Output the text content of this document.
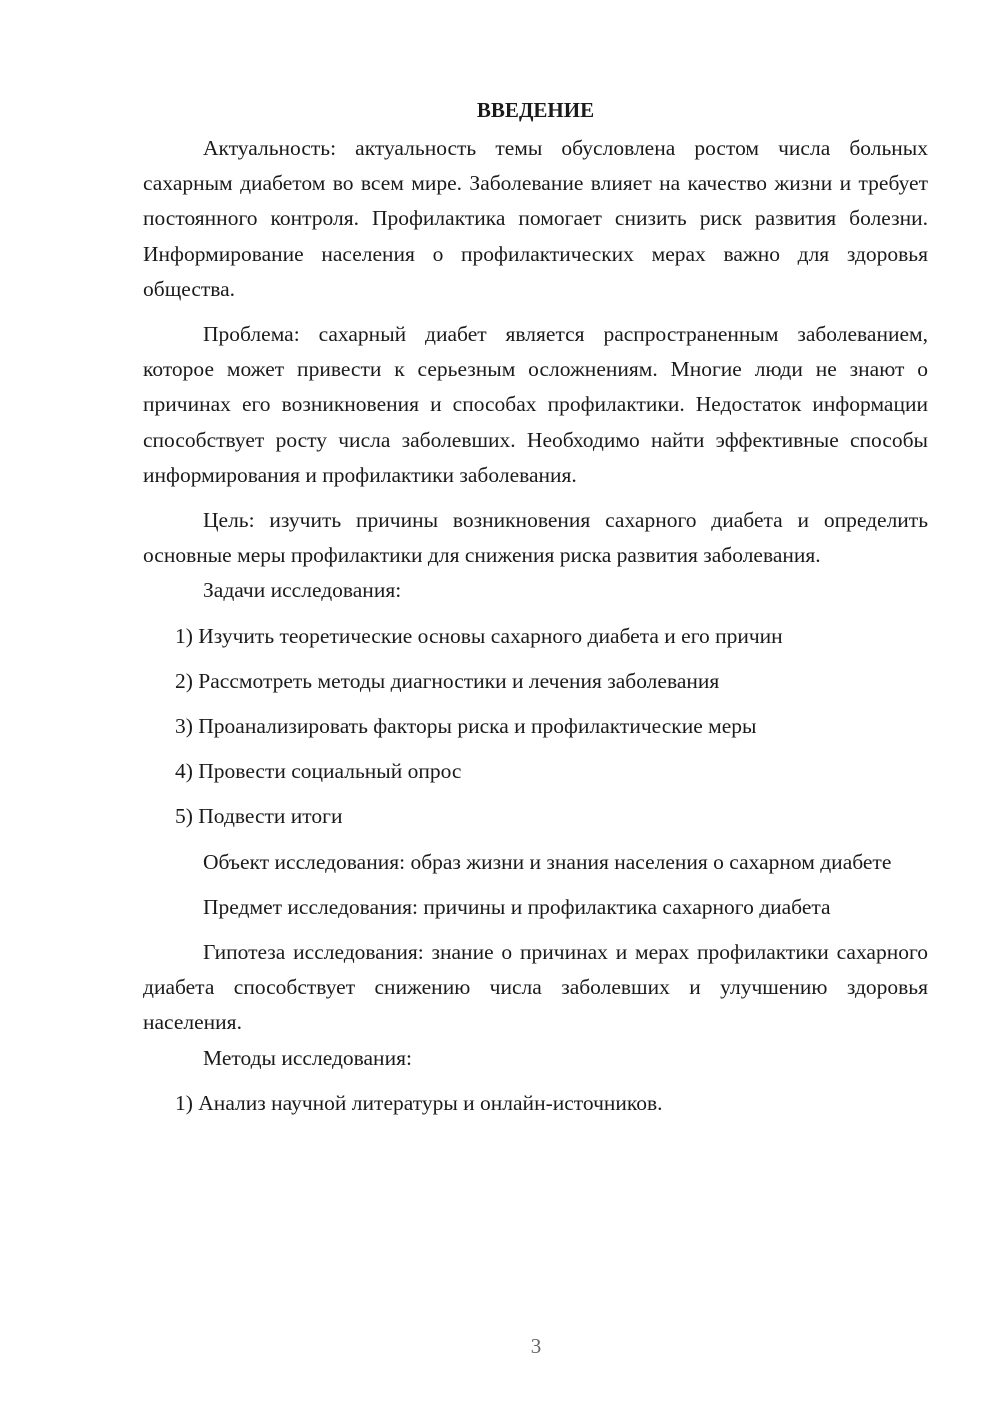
ВВЕДЕНИЕ

Актуальность: актуальность темы обусловлена ростом числа больных сахарным диабетом во всем мире. Заболевание влияет на качество жизни и требует постоянного контроля. Профилактика помогает снизить риск развития болезни. Информирование населения о профилактических мерах важно для здоровья общества.

Проблема: сахарный диабет является распространенным заболеванием, которое может привести к серьезным осложнениям. Многие люди не знают о причинах его возникновения и способах профилактики. Недостаток информации способствует росту числа заболевших. Необходимо найти эффективные способы информирования и профилактики заболевания.

Цель: изучить причины возникновения сахарного диабета и определить основные меры профилактики для снижения риска развития заболевания.

Задачи исследования:

1) Изучить теоретические основы сахарного диабета и его причин
2) Рассмотреть методы диагностики и лечения заболевания
3) Проанализировать факторы риска и профилактические меры
4) Провести социальный опрос
5) Подвести итоги

Объект исследования: образ жизни и знания населения о сахарном диабете

Предмет исследования: причины и профилактика сахарного диабета

Гипотеза исследования: знание о причинах и мерах профилактики сахарного диабета способствует снижению числа заболевших и улучшению здоровья населения.

Методы исследования:

1) Анализ научной литературы и онлайн-источников.
3
